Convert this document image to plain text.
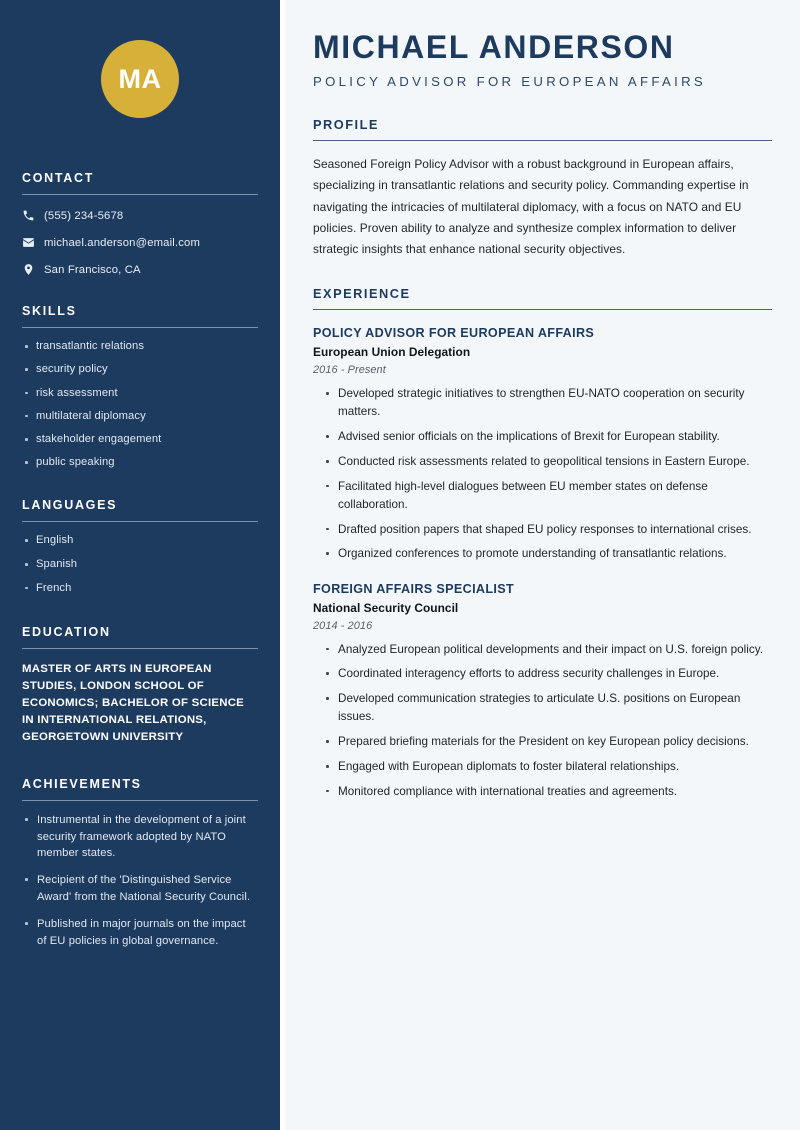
MA
CONTACT
(555) 234-5678
michael.anderson@email.com
San Francisco, CA
SKILLS
transatlantic relations
security policy
risk assessment
multilateral diplomacy
stakeholder engagement
public speaking
LANGUAGES
English
Spanish
French
EDUCATION
MASTER OF ARTS IN EUROPEAN STUDIES, LONDON SCHOOL OF ECONOMICS; BACHELOR OF SCIENCE IN INTERNATIONAL RELATIONS, GEORGETOWN UNIVERSITY
ACHIEVEMENTS
Instrumental in the development of a joint security framework adopted by NATO member states.
Recipient of the 'Distinguished Service Award' from the National Security Council.
Published in major journals on the impact of EU policies in global governance.
MICHAEL ANDERSON
POLICY ADVISOR FOR EUROPEAN AFFAIRS
PROFILE

Seasoned Foreign Policy Advisor with a robust background in European affairs, specializing in transatlantic relations and security policy. Commanding expertise in navigating the intricacies of multilateral diplomacy, with a focus on NATO and EU policies. Proven ability to analyze and synthesize complex information to deliver strategic insights that enhance national security objectives.

EXPERIENCE
POLICY ADVISOR FOR EUROPEAN AFFAIRS
European Union Delegation
2016 - Present
Developed strategic initiatives to strengthen EU-NATO cooperation on security matters.
Advised senior officials on the implications of Brexit for European stability.
Conducted risk assessments related to geopolitical tensions in Eastern Europe.
Facilitated high-level dialogues between EU member states on defense collaboration.
Drafted position papers that shaped EU policy responses to international crises.
Organized conferences to promote understanding of transatlantic relations.
FOREIGN AFFAIRS SPECIALIST
National Security Council
2014 - 2016
Analyzed European political developments and their impact on U.S. foreign policy.
Coordinated interagency efforts to address security challenges in Europe.
Developed communication strategies to articulate U.S. positions on European issues.
Prepared briefing materials for the President on key European policy decisions.
Engaged with European diplomats to foster bilateral relationships.
Monitored compliance with international treaties and agreements.
